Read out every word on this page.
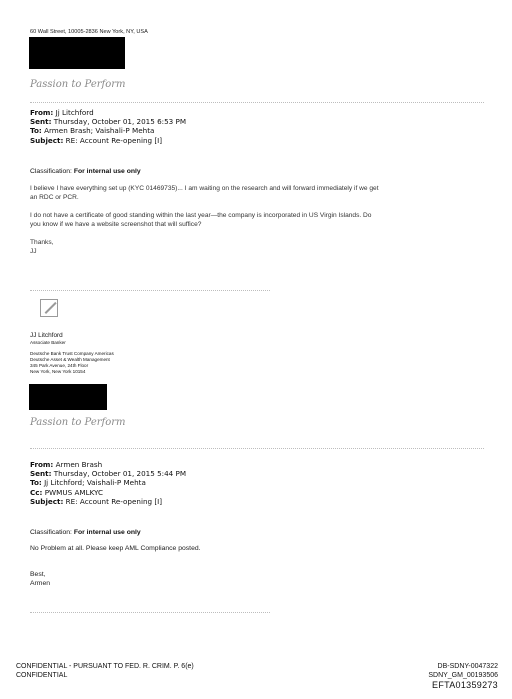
60 Wall Street, 10005-2836 New York, NY, USA
Passion to Perform
From: Jj Litchford
Sent: Thursday, October 01, 2015 6:53 PM
To: Armen Brash; Vaishali-P Mehta
Subject: RE: Account Re-opening [I]
Classification: For internal use only
I believe I have everything set up (KYC 01469735)... I am waiting on the research and will forward immediately if we get
an RDC or PCR.
I do not have a certificate of good standing within the last year—the company is incorporated in US Virgin Islands. Do
you know if we have a website screenshot that will suffice?
Thanks,
JJ
JJ Litchford
Associate Banker
Deutsche Bank Trust Company Americas
Deutsche Asset & Wealth Management
345 Park Avenue, 24th Floor
New York, New York 10154
Passion to Perform
From: Armen Brash
Sent: Thursday, October 01, 2015 5:44 PM
To: Jj Litchford; Vaishali-P Mehta
Cc: PWMUS AMLKYC
Subject: RE: Account Re-opening [I]
Classification: For internal use only
No Problem at all. Please keep AML Compliance posted.
Best,
Armen
CONFIDENTIAL - PURSUANT TO FED. R. CRIM. P. 6(e)
CONFIDENTIAL
DB-SDNY-0047322
SDNY_GM_00193506
EFTA01359273
